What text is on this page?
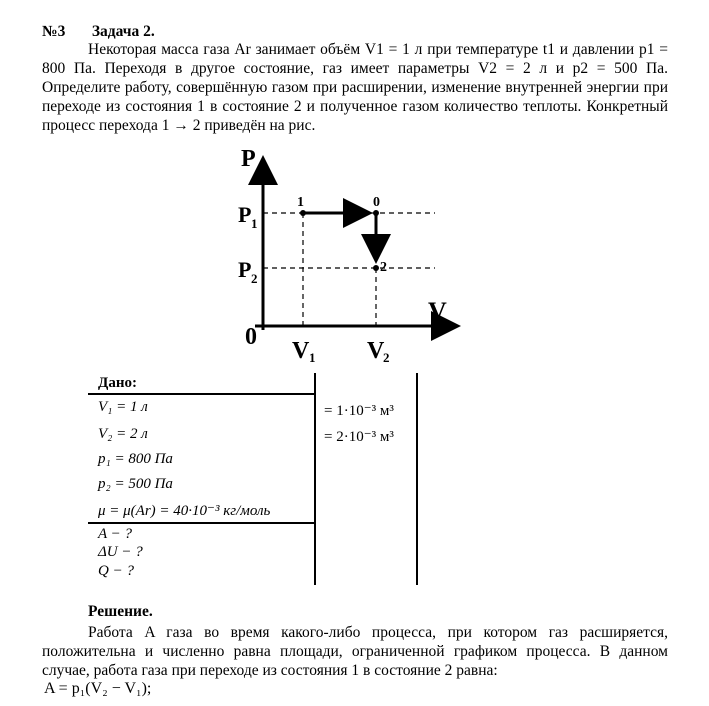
№3 Задача 2.
Некоторая масса газа Ar занимает объём V1 = 1 л при температуре t1 и давлении p1 = 800 Па. Переходя в другое состояние, газ имеет параметры V2 = 2 л и p2 = 500 Па. Определите работу, совершённую газом при расширении, изменение внутренней энергии при переходе из состояния 1 в состояние 2 и полученное газом количество теплоты. Конкретный процесс перехода 1 → 2 приведён на рис.
P
V
0
P 1
P 2
V 1 V
2
1	0
2
Дано:
V₁ = 1 л
V₂ = 2 л
p₁ = 800 Па
p₂ = 500 Па
μ = μ(Ar) = 40·10⁻³ кг/моль
A − ?
ΔU − ?
Q − ?
= 1·10⁻³ м³
= 2·10⁻³ м³
Решение.
Работа A газа во время какого-либо процесса, при котором газ расширяется, положительна и численно равна площади, ограниченной графиком процесса. В данном случае, работа газа при переходе из состояния 1 в состояние 2 равна:
A = p₁(V₂ − V₁);
